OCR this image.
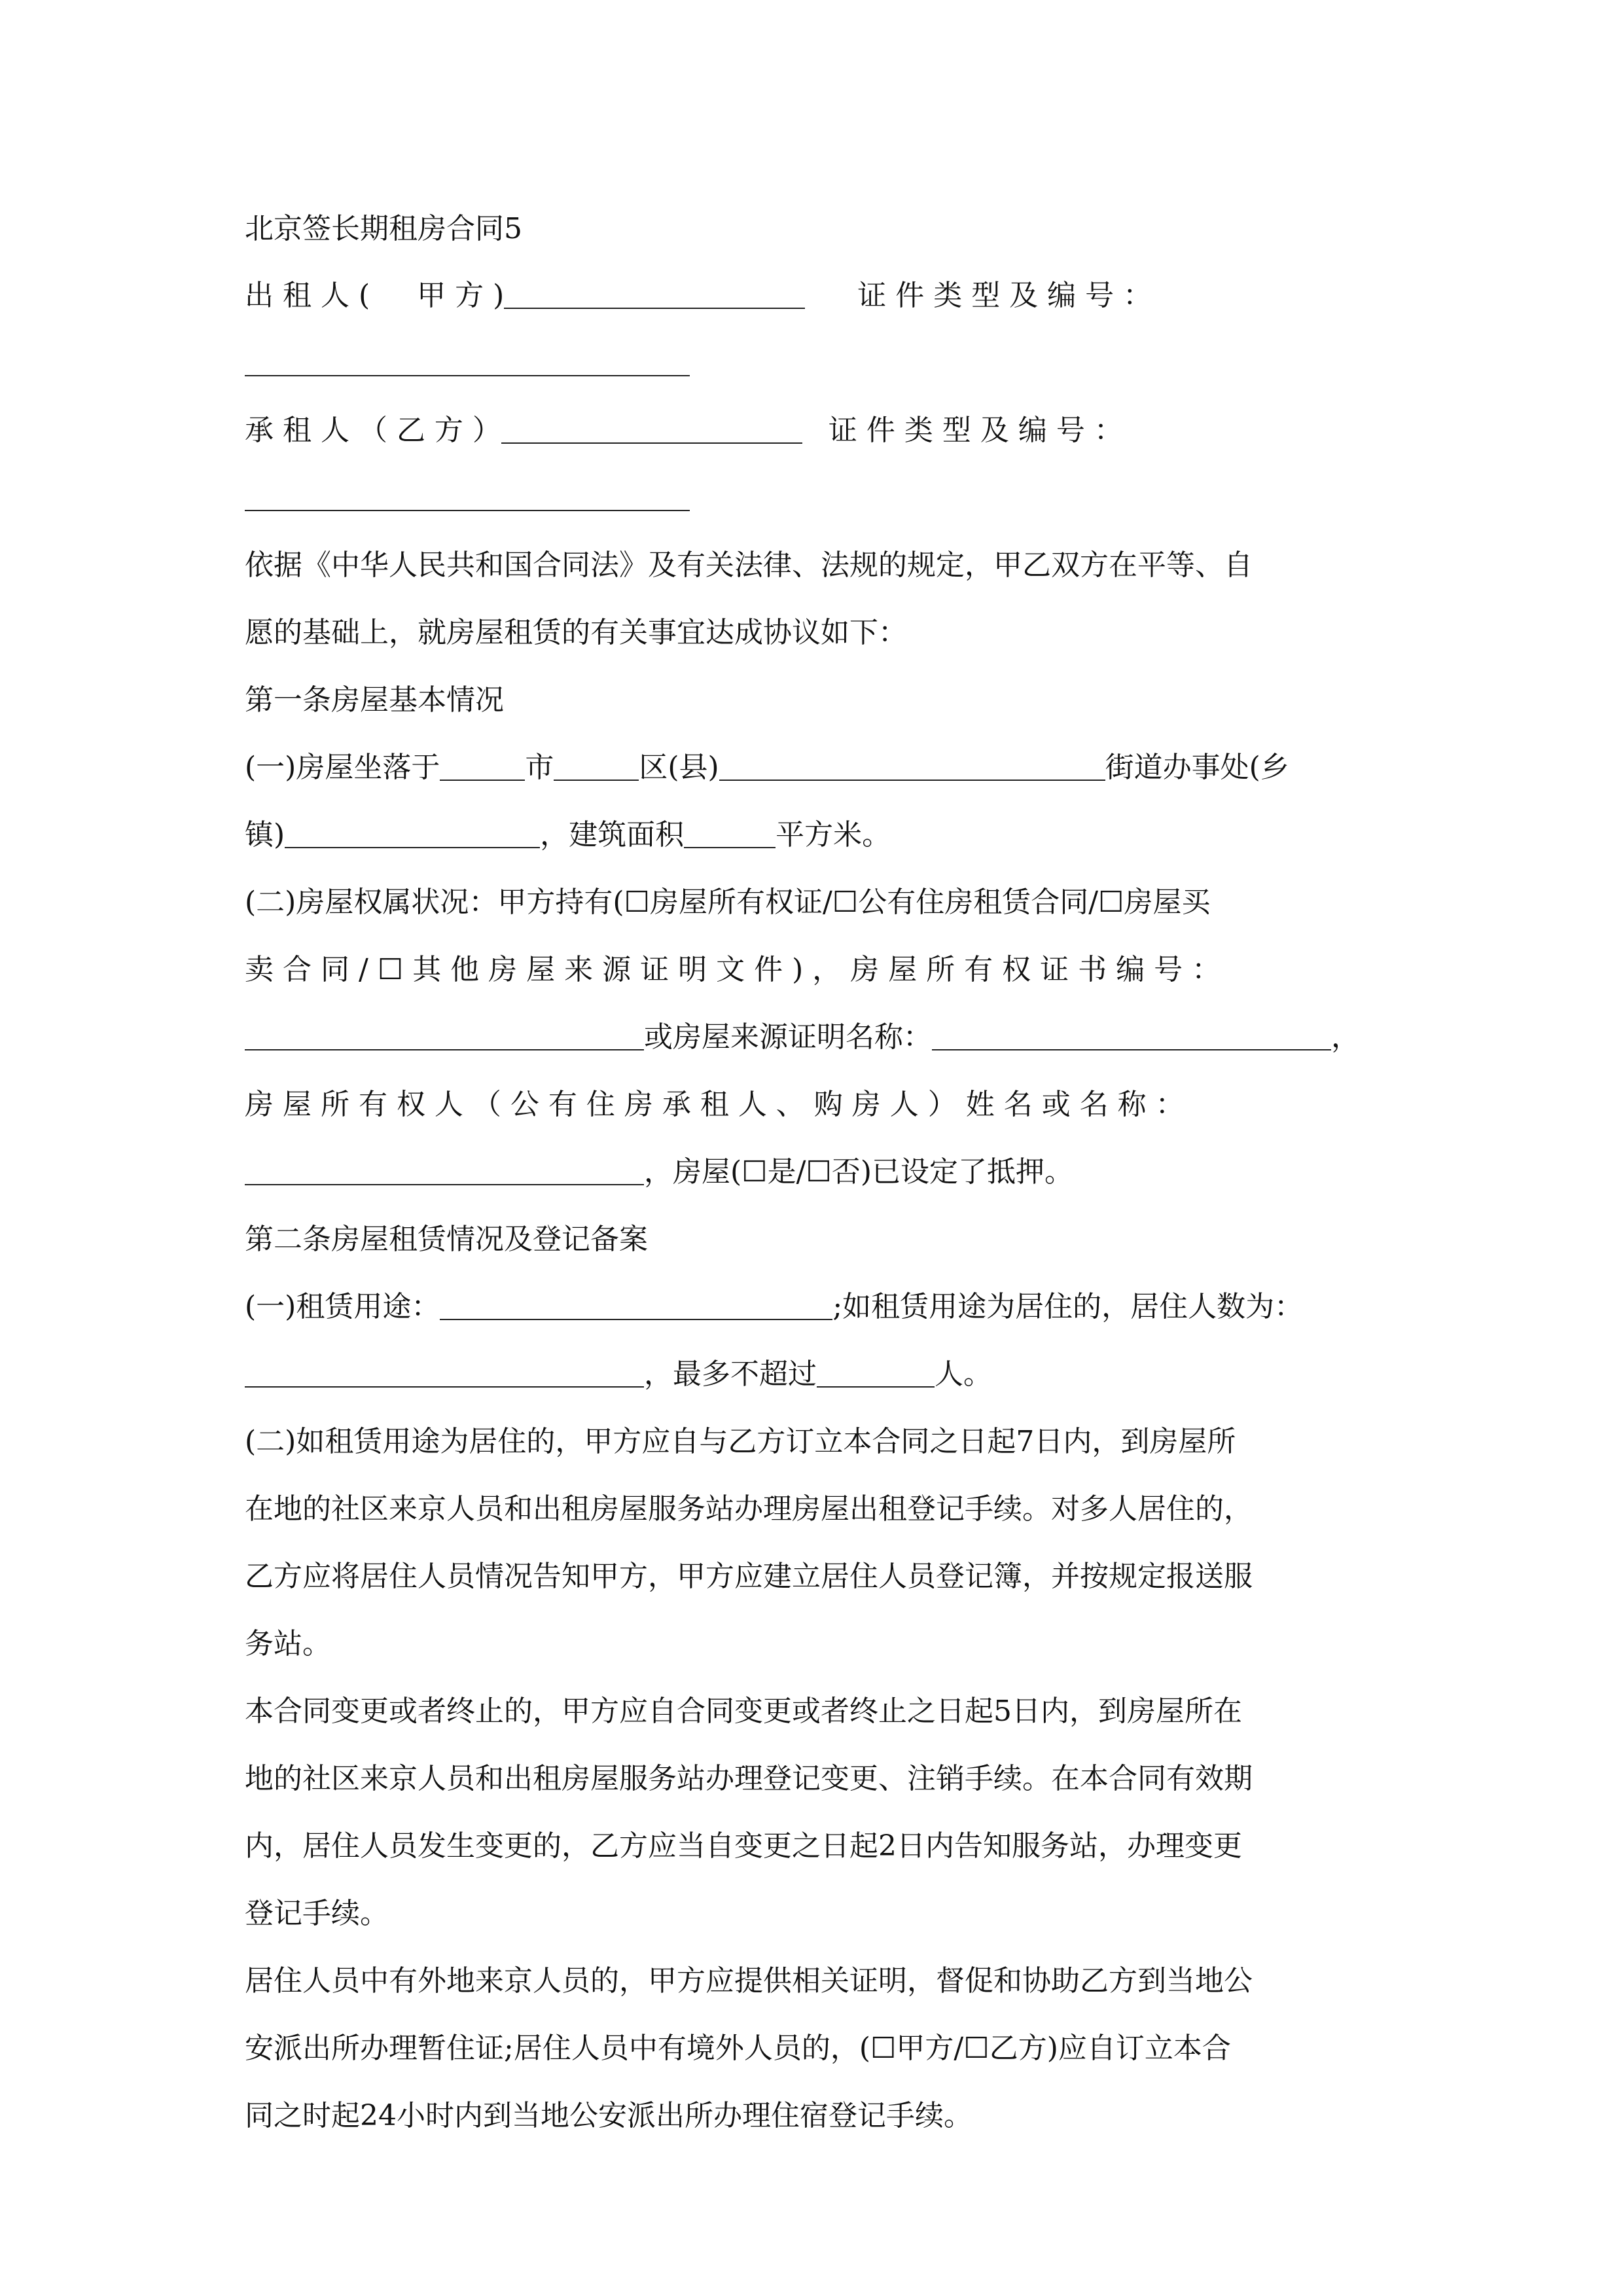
北京签长期租房合同5
出 租 人 ( 　 甲 方 )	证 件 类 型 及 编 号 ：
承 租 人 （ 乙 方 ）	证 件 类 型 及 编 号 ：
依据《中华人民共和国合同法》及有关法律、法规的规定，甲乙双方在平等、自
愿的基础上，就房屋租赁的有关事宜达成协议如下：
第一条房屋基本情况
(一)房屋坐落于	市	区(县)	街道办事处(乡
镇)	，建筑面积	平方米。
(二)房屋权属状况：甲方持有(☐房屋所有权证/☐公有住房租赁合同/☐房屋买
卖 合 同 / ☐ 其 他 房 屋 来 源 证 明 文 件 ) ， 房 屋 所 有 权 证 书 编 号 ：
或房屋来源证明名称：	，
房 屋 所 有 权 人 （ 公 有 住 房 承 租 人 、 购 房 人 ） 姓 名 或 名 称 ：
，房屋(☐是/☐否)已设定了抵押。
第二条房屋租赁情况及登记备案
(一)租赁用途：	;如租赁用途为居住的，居住人数为：
，最多不超过	人。
(二)如租赁用途为居住的，甲方应自与乙方订立本合同之日起7日内，到房屋所
在地的社区来京人员和出租房屋服务站办理房屋出租登记手续。对多人居住的，
乙方应将居住人员情况告知甲方，甲方应建立居住人员登记簿，并按规定报送服
务站。
本合同变更或者终止的，甲方应自合同变更或者终止之日起5日内，到房屋所在
地的社区来京人员和出租房屋服务站办理登记变更、注销手续。在本合同有效期
内，居住人员发生变更的，乙方应当自变更之日起2日内告知服务站，办理变更
登记手续。
居住人员中有外地来京人员的，甲方应提供相关证明，督促和协助乙方到当地公
安派出所办理暂住证;居住人员中有境外人员的，(☐甲方/☐乙方)应自订立本合
同之时起24小时内到当地公安派出所办理住宿登记手续。
